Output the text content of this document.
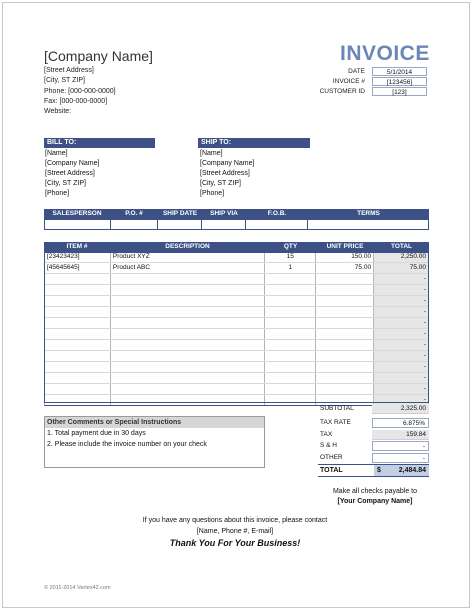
[Company Name]
[Street Address]
[City, ST ZIP]
Phone: [000-000-0000]
Fax: [000-000-0000]
Website:
INVOICE
DATE	5/1/2014
INVOICE #	[123456]
CUSTOMER ID	[123]
BILL TO:
[Name]
[Company Name]
[Street Address]
[City, ST ZIP]
[Phone]
SHIP TO:
[Name]
[Company Name]
[Street Address]
[City, ST ZIP]
[Phone]
SALESPERSON	P.O. #	SHIP DATE	SHIP VIA	F.O.B.	TERMS
ITEM #	DESCRIPTION	QTY	UNIT PRICE	TOTAL
[23423423]	Product XYZ	15	150.00	2,250.00
[45645645]	Product ABC	1	75.00	75.00
				-
				-
				-
				-
				-
				-
				-
				-
				-
				-
				-
				-
Other Comments or Special Instructions
1. Total payment due in 30 days
2. Please include the invoice number on your check
SUBTOTAL	2,325.00
TAX RATE	6.875%
TAX	159.84
S & H	-
OTHER	-
TOTAL	$	2,484.84
Make all checks payable to
[Your Company Name]
If you have any questions about this invoice, please contact
[Name, Phone #, E-mail]
Thank You For Your Business!
© 2011-2014 Vertex42.com
